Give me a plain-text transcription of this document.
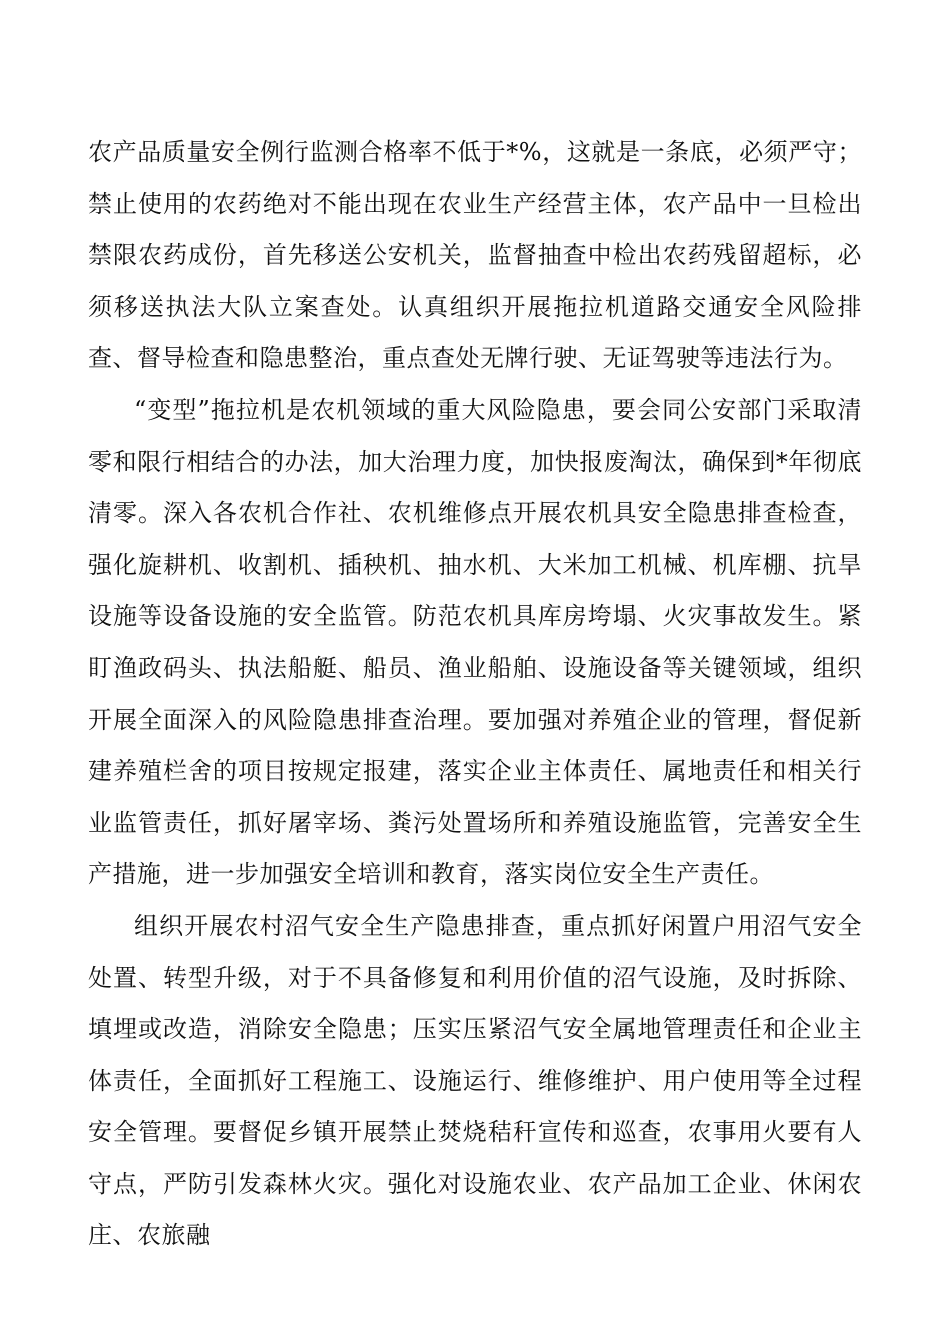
农产品质量安全例行监测合格率不低于*%，这就是一条底，必须严守；禁止使用的农药绝对不能出现在农业生产经营主体，农产品中一旦检出禁限农药成份，首先移送公安机关，监督抽查中检出农药残留超标，必须移送执法大队立案查处。认真组织开展拖拉机道路交通安全风险排查、督导检查和隐患整治，重点查处无牌行驶、无证驾驶等违法行为。

“变型”拖拉机是农机领域的重大风险隐患，要会同公安部门采取清零和限行相结合的办法，加大治理力度，加快报废淘汰，确保到*年彻底清零。深入各农机合作社、农机维修点开展农机具安全隐患排查检查，强化旋耕机、收割机、插秧机、抽水机、大米加工机械、机库棚、抗旱设施等设备设施的安全监管。防范农机具库房垮塌、火灾事故发生。紧盯渔政码头、执法船艇、船员、渔业船舶、设施设备等关键领域，组织开展全面深入的风险隐患排查治理。要加强对养殖企业的管理，督促新建养殖栏舍的项目按规定报建，落实企业主体责任、属地责任和相关行业监管责任，抓好屠宰场、粪污处置场所和养殖设施监管，完善安全生产措施，进一步加强安全培训和教育，落实岗位安全生产责任。

组织开展农村沼气安全生产隐患排查，重点抓好闲置户用沼气安全处置、转型升级，对于不具备修复和利用价值的沼气设施，及时拆除、填埋或改造，消除安全隐患；压实压紧沼气安全属地管理责任和企业主体责任，全面抓好工程施工、设施运行、维修维护、用户使用等全过程安全管理。要督促乡镇开展禁止焚烧秸秆宣传和巡查，农事用火要有人守点，严防引发森林火灾。强化对设施农业、农产品加工企业、休闲农庄、农旅融
